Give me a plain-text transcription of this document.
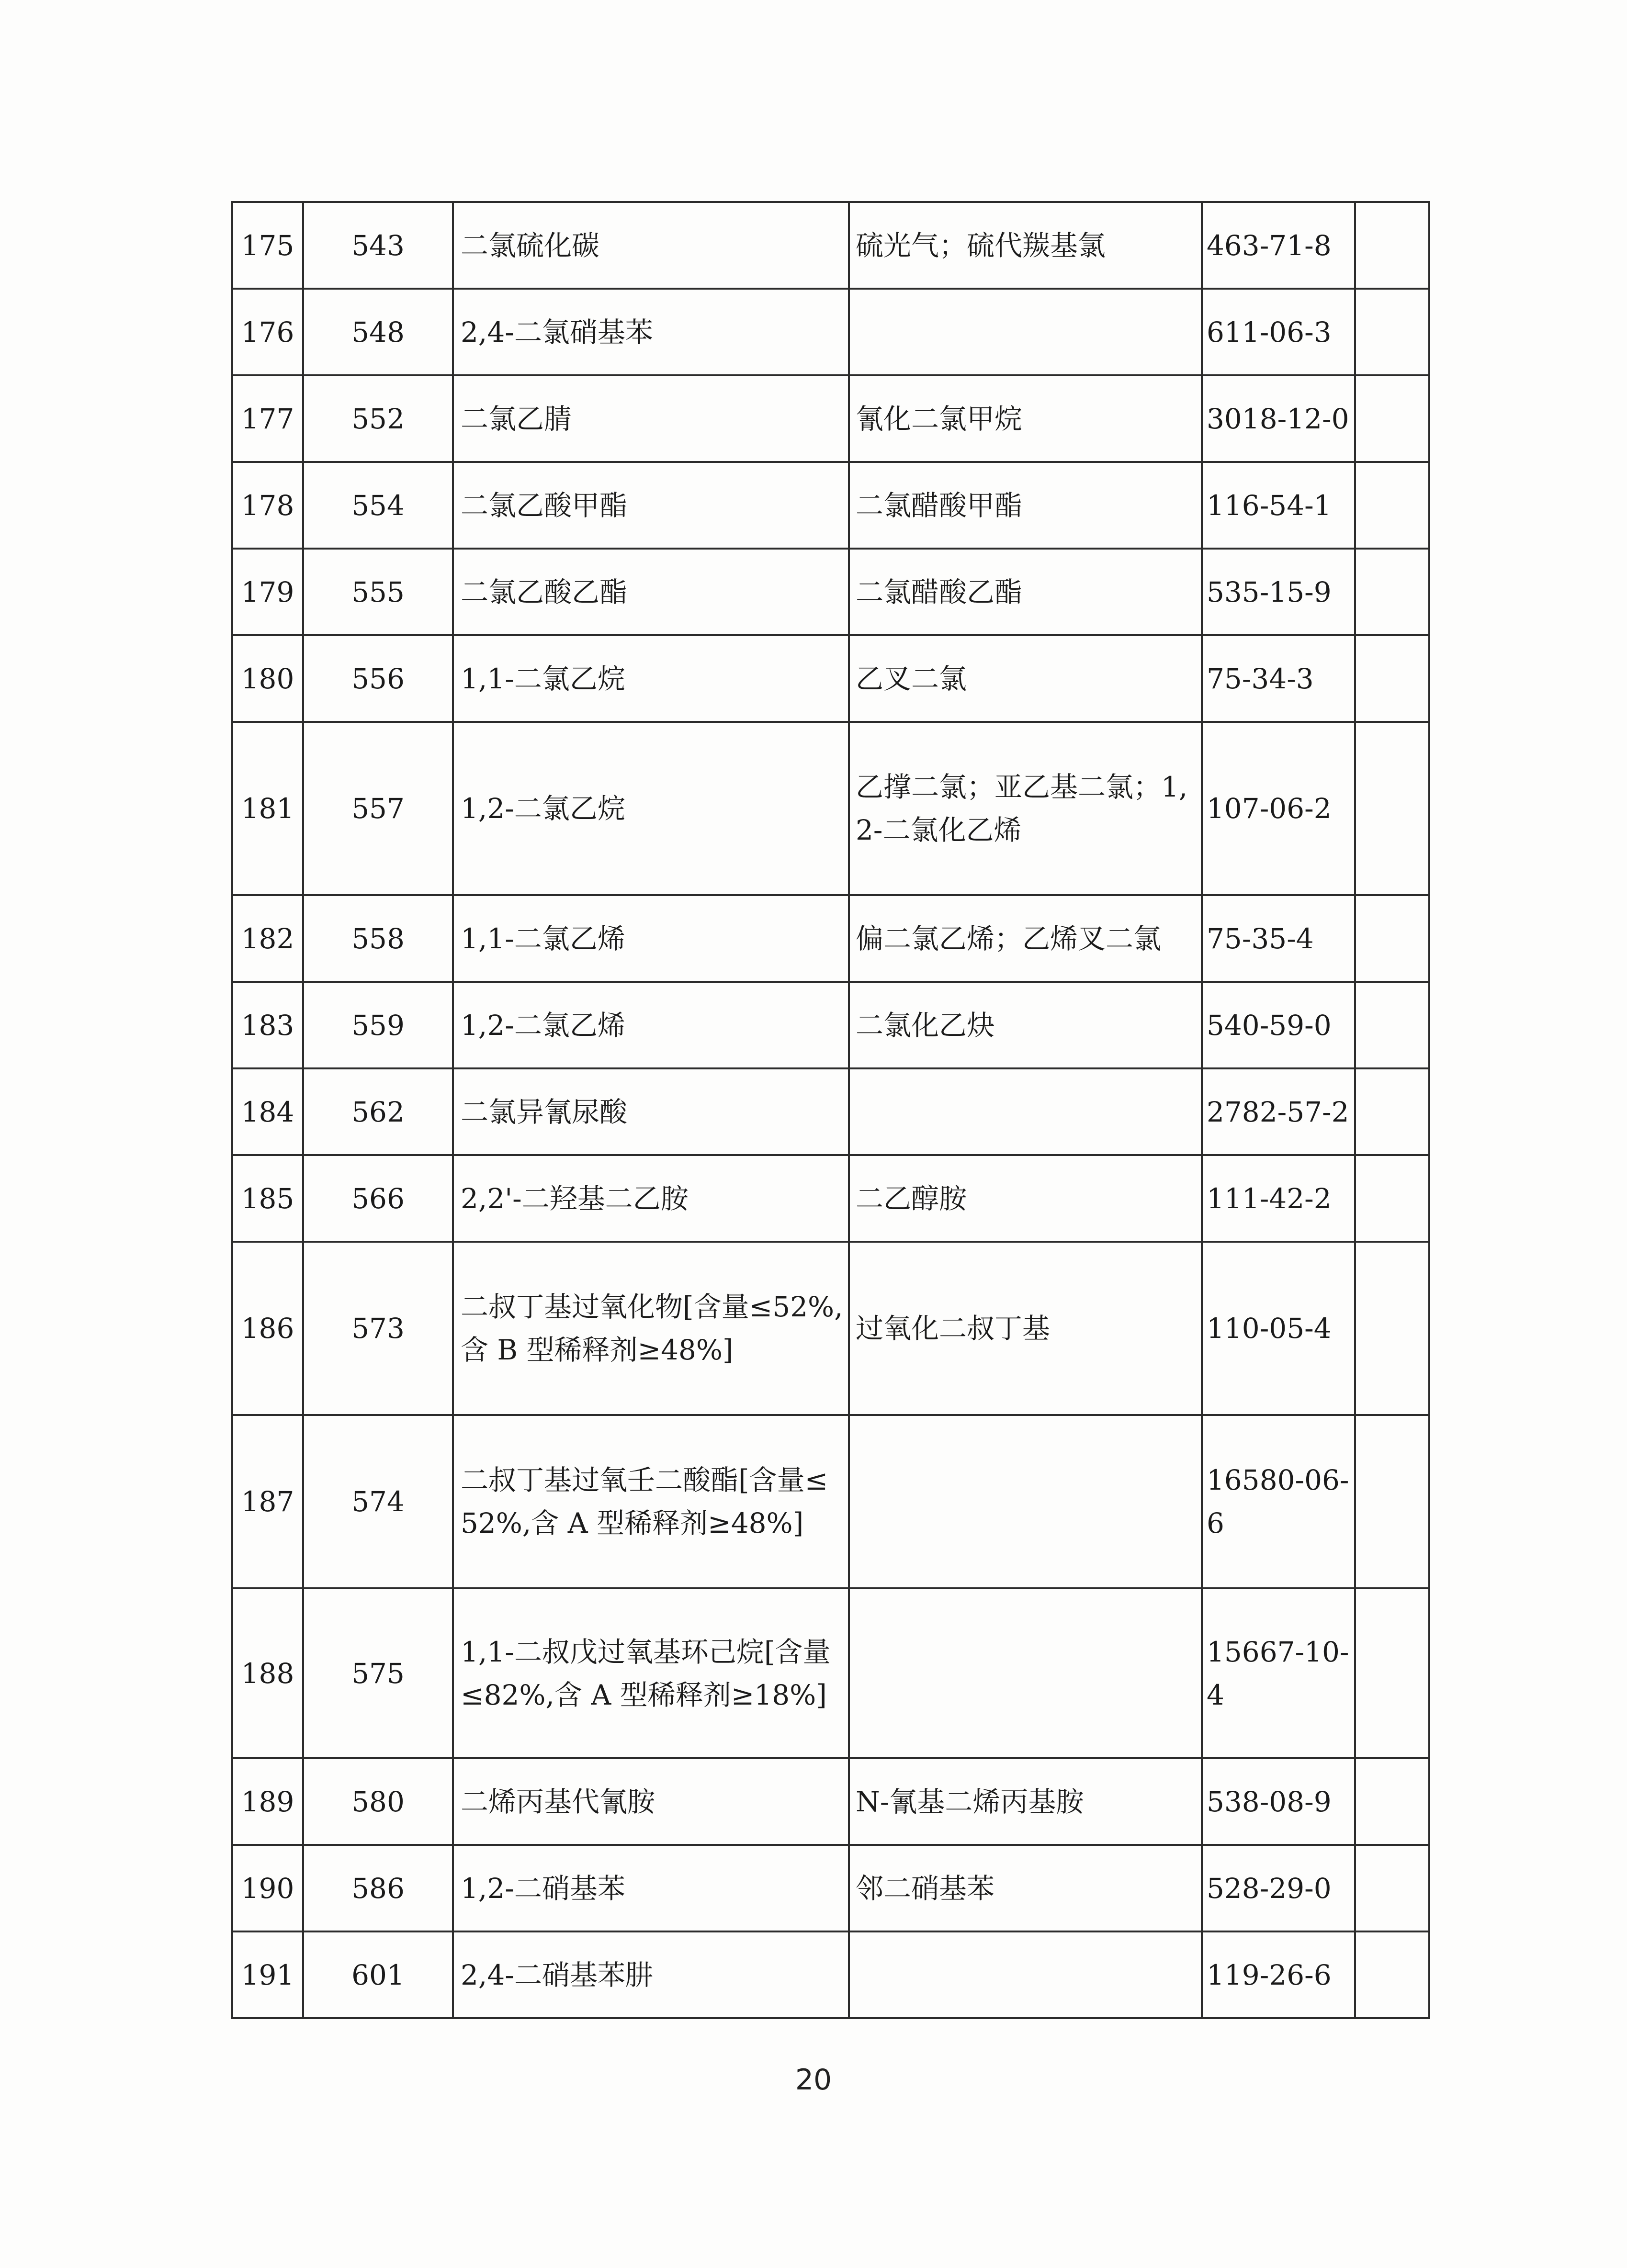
175	543	二氯硫化碳	硫光气；硫代羰基氯	463-71-8	
176	548	2,4-二氯硝基苯		611-06-3	
177	552	二氯乙腈	氰化二氯甲烷	3018-12-0	
178	554	二氯乙酸甲酯	二氯醋酸甲酯	116-54-1	
179	555	二氯乙酸乙酯	二氯醋酸乙酯	535-15-9	
180	556	1,1-二氯乙烷	乙叉二氯	75-34-3	
181	557	1,2-二氯乙烷	乙撑二氯；亚乙基二氯；1,2-二氯化乙烯	107-06-2	
182	558	1,1-二氯乙烯	偏二氯乙烯；乙烯叉二氯	75-35-4	
183	559	1,2-二氯乙烯	二氯化乙炔	540-59-0	
184	562	二氯异氰尿酸		2782-57-2	
185	566	2,2'-二羟基二乙胺	二乙醇胺	111-42-2	
186	573	二叔丁基过氧化物[含量≤52%,含 B 型稀释剂≥48%]	过氧化二叔丁基	110-05-4	
187	574	二叔丁基过氧壬二酸酯[含量≤52%,含 A 型稀释剂≥48%]		16580-06-6	
188	575	1,1-二叔戊过氧基环己烷[含量≤82%,含 A 型稀释剂≥18%]		15667-10-4	
189	580	二烯丙基代氰胺	N-氰基二烯丙基胺	538-08-9	
190	586	1,2-二硝基苯	邻二硝基苯	528-29-0	
191	601	2,4-二硝基苯肼		119-26-6	
20
